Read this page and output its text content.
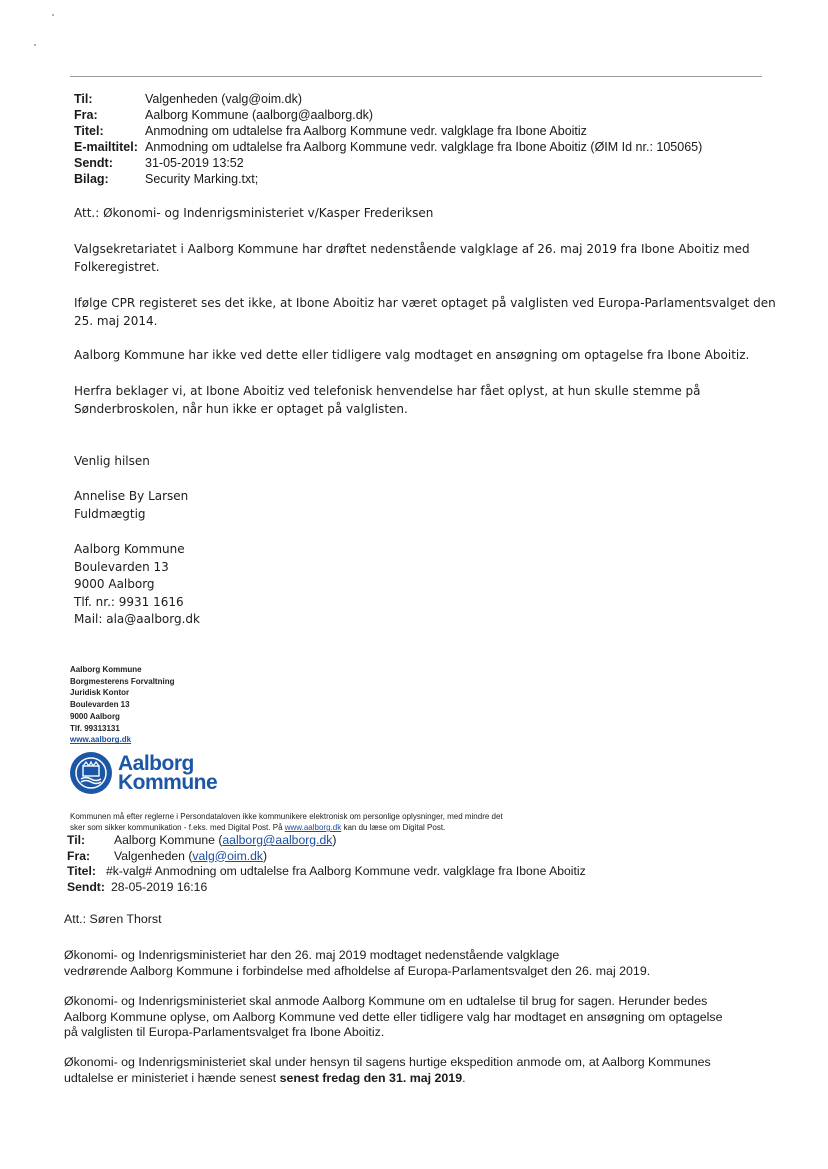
Til:	Valgenheden (valg@oim.dk)
Fra:	Aalborg Kommune (aalborg@aalborg.dk)
Titel:	Anmodning om udtalelse fra Aalborg Kommune vedr. valgklage fra Ibone Aboitiz
E-mailtitel: Anmodning om udtalelse fra Aalborg Kommune vedr. valgklage fra Ibone Aboitiz (ØIM Id nr.: 105065)
Sendt:	31-05-2019 13:52
Bilag:	Security Marking.txt;
Att.: Økonomi- og Indenrigsministeriet v/Kasper Frederiksen
Valgsekretariatet i Aalborg Kommune har drøftet nedenstående valgklage af 26. maj 2019 fra Ibone Aboitiz med
Folkeregistret.
Ifølge CPR registeret ses det ikke, at Ibone Aboitiz har været optaget på valglisten ved Europa-Parlamentsvalget den
25. maj 2014.
Aalborg Kommune har ikke ved dette eller tidligere valg modtaget en ansøgning om optagelse fra Ibone Aboitiz.
Herfra beklager vi, at Ibone Aboitiz ved telefonisk henvendelse har fået oplyst, at hun skulle stemme på
Sønderbroskolen, når hun ikke er optaget på valglisten.
Venlig hilsen
Annelise By Larsen
Fuldmægtig
Aalborg Kommune
Boulevarden 13
9000 Aalborg
Tlf. nr.: 9931 1616
Mail: ala@aalborg.dk
Aalborg Kommune
Borgmesterens Forvaltning
Juridisk Kontor
Boulevarden 13
9000 Aalborg
Tlf. 99313131
www.aalborg.dk
Aalborg
Kommune
Kommunen må efter reglerne i Persondataloven ikke kommunikere elektronisk om personlige oplysninger, med mindre det
sker som sikker kommunikation - f.eks. med Digital Post. På www.aalborg.dk kan du læse om Digital Post.
Til:	Aalborg Kommune ( aalborg@aalborg.dk )
Fra:	Valgenheden ( valg@oim.dk )
Titel: #k-valg# Anmodning om udtalelse fra Aalborg Kommune vedr. valgklage fra Ibone Aboitiz
Sendt: 28-05-2019 16:16
Att.: Søren Thorst
Økonomi- og Indenrigsministeriet har den 26. maj 2019 modtaget nedenstående valgklage
vedrørende Aalborg Kommune i forbindelse med afholdelse af Europa-Parlamentsvalget den 26. maj 2019.
Økonomi- og Indenrigsministeriet skal anmode Aalborg Kommune om en udtalelse til brug for sagen. Herunder bedes
Aalborg Kommune oplyse, om Aalborg Kommune ved dette eller tidligere valg har modtaget en ansøgning om optagelse
på valglisten til Europa-Parlamentsvalget fra Ibone Aboitiz.
Økonomi- og Indenrigsministeriet skal under hensyn til sagens hurtige ekspedition anmode om, at Aalborg Kommunes
udtalelse er ministeriet i hænde senest senest fredag den 31. maj 2019.
